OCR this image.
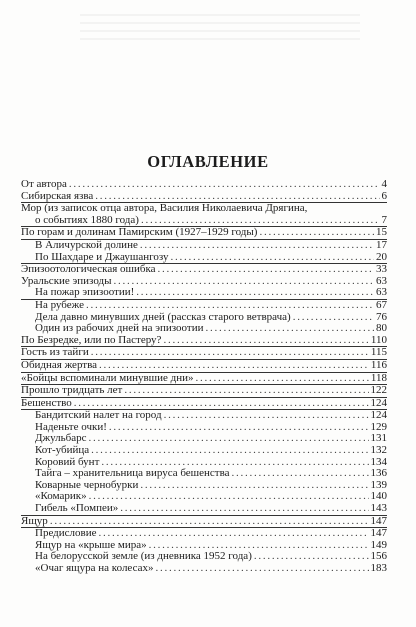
ОГЛАВЛЕНИЕ
От автора . . .	4
Сибирская язва . . .	6
Мор (из записок отца автора, Василия Николаевича Дрягина,
о событиях 1880 года) . . .	7
По горам и долинам Памирским (1927–1929 годы) . . .	15
В Аличурской долине . . .	17
По Шахдаре и Джаушангозу . . .	20
Эпизоотологическая ошибка . . .	33
Уральские эпизоды . . .	63
На пожар эпизоотии! . . .	63
На рубеже . . .	67
Дела давно минувших дней (рассказ старого ветврача) . . .	76
Один из рабочих дней на эпизоотии . . .	80
По Безредке, или по Пастеру? . . .	110
Гость из тайги . . .	115
Обидная жертва . . .	116
«Бойцы вспоминали минувшие дни» . . .	118
Прошло тридцать лет . . .	122
Бешенство . . .	124
Бандитский налет на город . . .	124
Наденьте очки! . . .	129
Джульбарс . . .	131
Кот-убийца . . .	132
Коровий бунт . . .	134
Тайга – хранительница вируса бешенства . . .	136
Коварные чернобурки . . .	139
«Комарик» . . .	140
Гибель «Помпеи» . . .	143
Ящур . . .	147
Предисловие . . .	147
Ящур на «крыше мира» . . .	149
На белорусской земле (из дневника 1952 года) . . .	156
«Очаг ящура на колесах» . . .	183
